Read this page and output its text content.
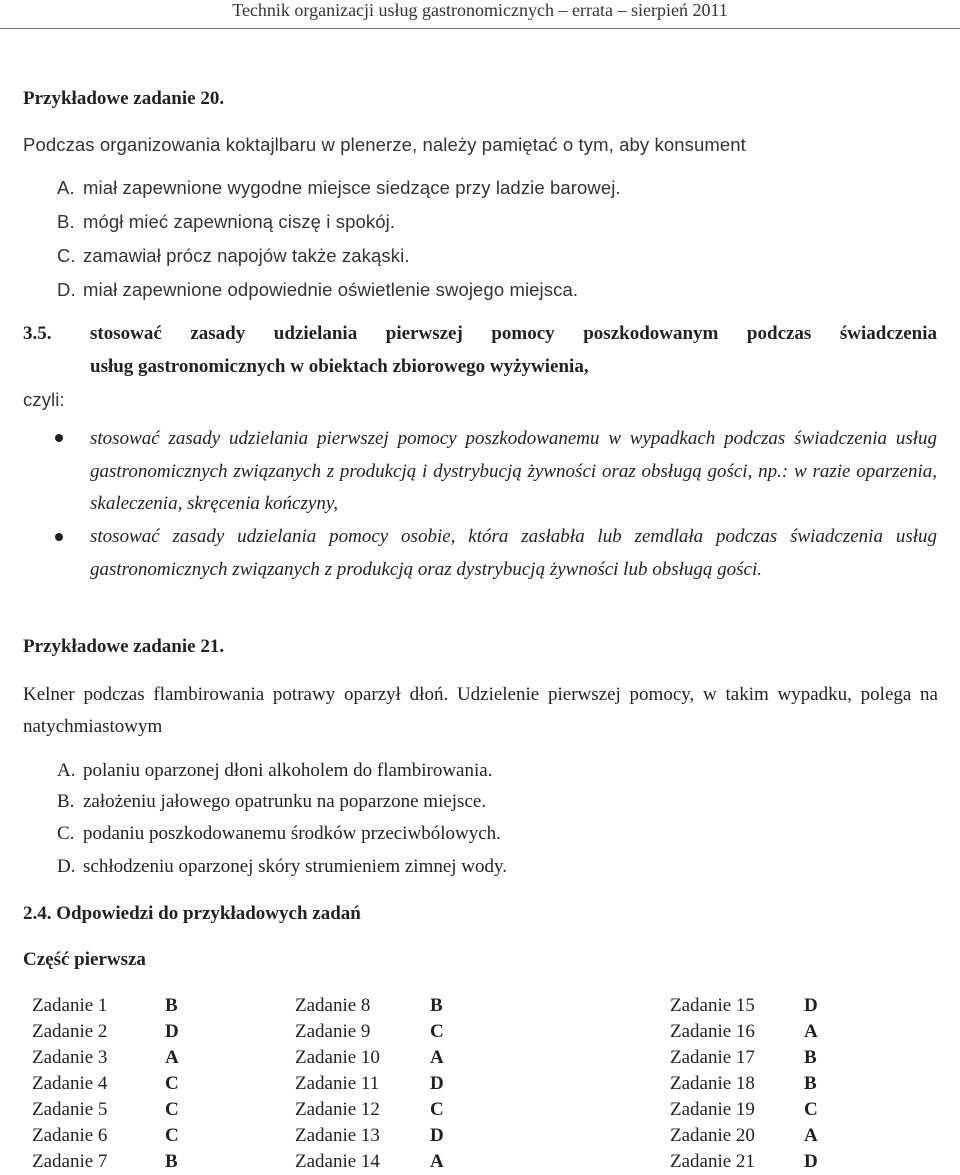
Technik organizacji usług gastronomicznych – errata – sierpień 2011
Przykładowe zadanie 20.
Podczas organizowania koktajlbaru w plenerze, należy pamiętać o tym, aby konsument
A. miał zapewnione wygodne miejsce siedzące przy ladzie barowej.
B. mógł mieć zapewnioną ciszę i spokój.
C. zamawiał prócz napojów także zakąski.
D. miał zapewnione odpowiednie oświetlenie swojego miejsca.
3.5. stosować zasady udzielania pierwszej pomocy poszkodowanym podczas świadczenia
usług gastronomicznych w obiektach zbiorowego wyżywienia,
czyli:
stosować zasady udzielania pierwszej pomocy poszkodowanemu w wypadkach podczas świadczenia usług gastronomicznych związanych z produkcją i dystrybucją żywności oraz obsługą gości, np.: w razie oparzenia, skaleczenia, skręcenia kończyny,
stosować zasady udzielania pomocy osobie, która zasłabła lub zemdlała podczas świadczenia usług gastronomicznych związanych z produkcją oraz dystrybucją żywności lub obsługą gości.
Przykładowe zadanie 21.
Kelner podczas flambirowania potrawy oparzył dłoń. Udzielenie pierwszej pomocy, w takim wypadku, polega na natychmiastowym
A. polaniu oparzonej dłoni alkoholem do flambirowania.
B. założeniu jałowego opatrunku na poparzone miejsce.
C. podaniu poszkodowanemu środków przeciwbólowych.
D. schłodzeniu oparzonej skóry strumieniem zimnej wody.
2.4. Odpowiedzi do przykładowych zadań
Część pierwsza
Zadanie 1	B	Zadanie 8	B	Zadanie 15	D
Zadanie 2	D	Zadanie 9	C	Zadanie 16	A
Zadanie 3	A	Zadanie 10	A	Zadanie 17	B
Zadanie 4	C	Zadanie 11	D	Zadanie 18	B
Zadanie 5	C	Zadanie 12	C	Zadanie 19	C
Zadanie 6	C	Zadanie 13	D	Zadanie 20	A
Zadanie 7	B	Zadanie 14	A	Zadanie 21	D
